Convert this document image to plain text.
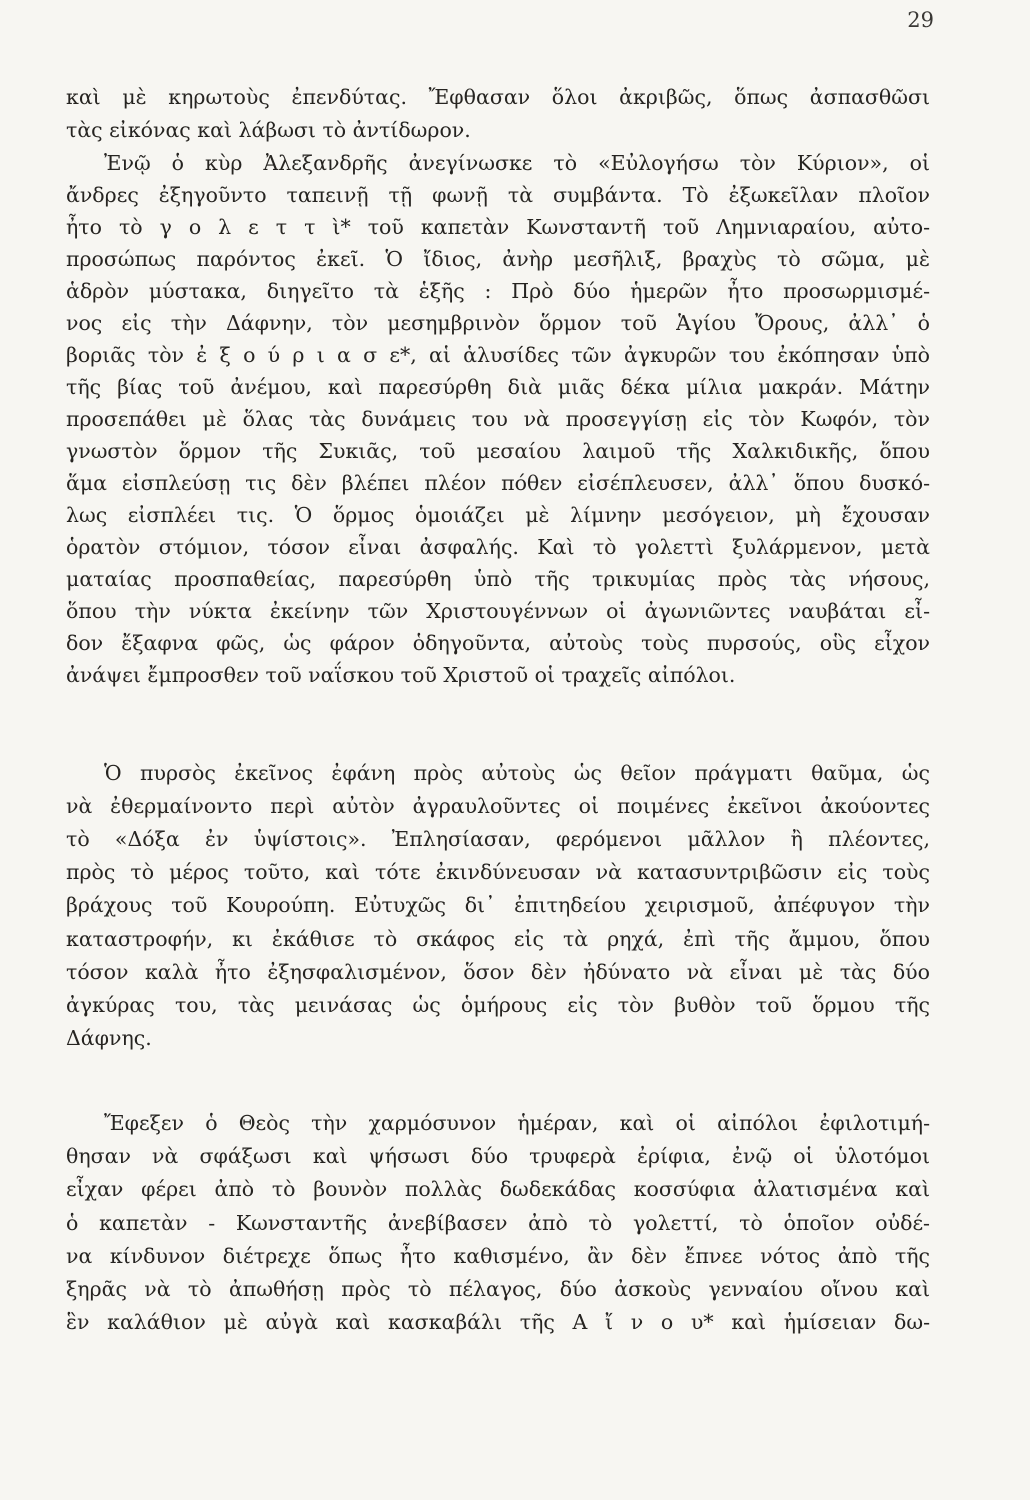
29
καὶ μὲ κηρωτοὺς ἐπενδύτας. Ἔφθασαν ὅλοι ἀκριβῶς, ὅπως ἀσπασθῶσι
τὰς εἰκόνας καὶ λάβωσι τὸ ἀντίδωρον.
Ἐνῷ ὁ κὺρ Ἀλεξανδρῆς ἀνεγίνωσκε τὸ «Εὐλογήσω τὸν Κύριον», οἱ
ἄνδρες ἐξηγοῦντο ταπεινῇ τῇ φωνῇ τὰ συμβάντα. Τὸ ἐξωκεῖλαν πλοῖον
ἦτο τὸ γ ο λ ε τ τ ὶ* τοῦ καπετὰν Κωνσταντῆ τοῦ Λημνιαραίου, αὐτο-
προσώπως παρόντος ἐκεῖ. Ὁ ἴδιος, ἀνὴρ μεσῆλιξ, βραχὺς τὸ σῶμα, μὲ
ἁδρὸν μύστακα, διηγεῖτο τὰ ἑξῆς : Πρὸ δύο ἡμερῶν ἦτο προσωρμισμέ-
νος εἰς τὴν Δάφνην, τὸν μεσημβρινὸν ὅρμον τοῦ Ἁγίου Ὄρους, ἀλλ᾽ ὁ
βοριᾶς τὸν ἐ ξ ο ύ ρ ι α σ ε*, αἱ ἁλυσίδες τῶν ἀγκυρῶν του ἐκόπησαν ὑπὸ
τῆς βίας τοῦ ἀνέμου, καὶ παρεσύρθη διὰ μιᾶς δέκα μίλια μακράν. Μάτην
προσεπάθει μὲ ὅλας τὰς δυνάμεις του νὰ προσεγγίσῃ εἰς τὸν Κωφόν, τὸν
γνωστὸν ὅρμον τῆς Συκιᾶς, τοῦ μεσαίου λαιμοῦ τῆς Χαλκιδικῆς, ὅπου
ἅμα εἰσπλεύσῃ τις δὲν βλέπει πλέον πόθεν εἰσέπλευσεν, ἀλλ᾽ ὅπου δυσκό-
λως εἰσπλέει τις. Ὁ ὅρμος ὁμοιάζει μὲ λίμνην μεσόγειον, μὴ ἔχουσαν
ὁρατὸν στόμιον, τόσον εἶναι ἀσφαλής. Καὶ τὸ γολεττὶ ξυλάρμενον, μετὰ
ματαίας προσπαθείας, παρεσύρθη ὑπὸ τῆς τρικυμίας πρὸς τὰς νήσους,
ὅπου τὴν νύκτα ἐκείνην τῶν Χριστουγέννων οἱ ἀγωνιῶντες ναυβάται εἶ-
δον ἔξαφνα φῶς, ὡς φάρον ὁδηγοῦντα, αὐτοὺς τοὺς πυρσούς, οὓς εἶχον
ἀνάψει ἔμπροσθεν τοῦ ναΐσκου τοῦ Χριστοῦ οἱ τραχεῖς αἰπόλοι.
Ὁ πυρσὸς ἐκεῖνος ἐφάνη πρὸς αὐτοὺς ὡς θεῖον πράγματι θαῦμα, ὡς
νὰ ἐθερμαίνοντο περὶ αὐτὸν ἀγραυλοῦντες οἱ ποιμένες ἐκεῖνοι ἀκούοντες
τὸ «Δόξα ἐν ὑψίστοις». Ἐπλησίασαν, φερόμενοι μᾶλλον ἢ πλέοντες,
πρὸς τὸ μέρος τοῦτο, καὶ τότε ἐκινδύνευσαν νὰ κατασυντριβῶσιν εἰς τοὺς
βράχους τοῦ Κουρούπη. Εὐτυχῶς δι᾽ ἐπιτηδείου χειρισμοῦ, ἀπέφυγον τὴν
καταστροφήν, κι ἐκάθισε τὸ σκάφος εἰς τὰ ρηχά, ἐπὶ τῆς ἄμμου, ὅπου
τόσον καλὰ ἦτο ἐξησφαλισμένον, ὅσον δὲν ἠδύνατο νὰ εἶναι μὲ τὰς δύο
ἀγκύρας του, τὰς μεινάσας ὡς ὁμήρους εἰς τὸν βυθὸν τοῦ ὅρμου τῆς
Δάφνης.
Ἔφεξεν ὁ Θεὸς τὴν χαρμόσυνον ἡμέραν, καὶ οἱ αἰπόλοι ἐφιλοτιμή-
θησαν νὰ σφάξωσι καὶ ψήσωσι δύο τρυφερὰ ἐρίφια, ἐνῷ οἱ ὑλοτόμοι
εἶχαν φέρει ἀπὸ τὸ βουνὸν πολλὰς δωδεκάδας κοσσύφια ἁλατισμένα καὶ
ὁ καπετὰν - Κωνσταντῆς ἀνεβίβασεν ἀπὸ τὸ γολεττί, τὸ ὁποῖον οὐδέ-
να κίνδυνον διέτρεχε ὅπως ἦτο καθισμένο, ἂν δὲν ἔπνεε νότος ἀπὸ τῆς
ξηρᾶς νὰ τὸ ἀπωθήσῃ πρὸς τὸ πέλαγος, δύο ἀσκοὺς γενναίου οἴνου καὶ
ἓν καλάθιον μὲ αὐγὰ καὶ κασκαβάλι τῆς Α ἴ ν ο υ* καὶ ἡμίσειαν δω-
